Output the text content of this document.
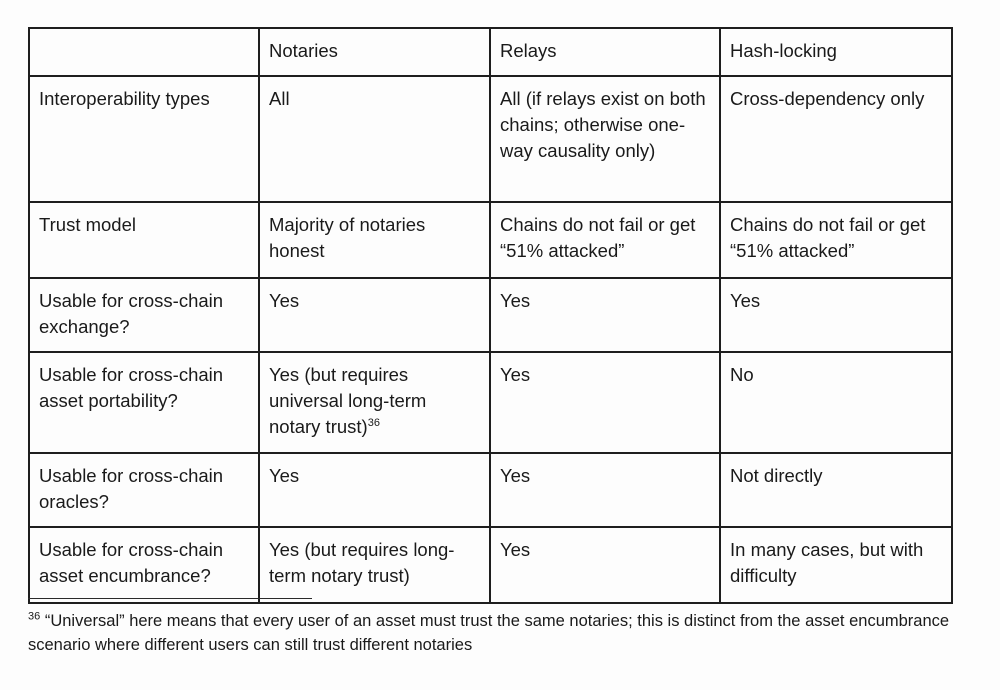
	Notaries	Relays	Hash-locking
Interoperability types	All	All (if relays exist on both chains; otherwise one-way causality only)	Cross-dependency only
Trust model	Majority of notaries honest	Chains do not fail or get “51% attacked”	Chains do not fail or get “51% attacked”
Usable for cross-chain exchange?	Yes	Yes	Yes
Usable for cross-chain asset portability?	Yes (but requires universal long-term notary trust)$^{36}$	Yes	No
Usable for cross-chain oracles?	Yes	Yes	Not directly
Usable for cross-chain asset encumbrance?	Yes (but requires long-term notary trust)	Yes	In many cases, but with difficulty
$^{36}$ “Universal” here means that every user of an asset must trust the same notaries; this is distinct from the asset encumbrance scenario where different users can still trust different notaries
